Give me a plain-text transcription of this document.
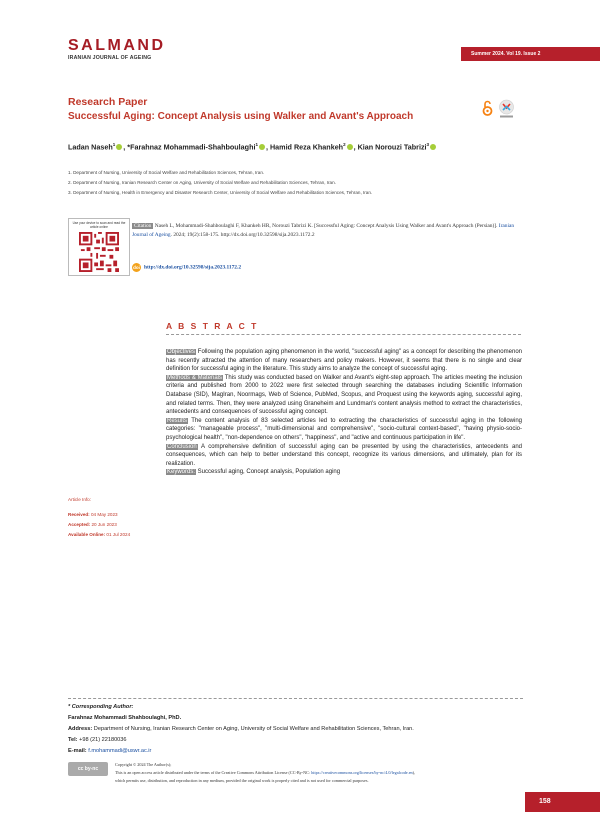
SALMAND
IRANIAN JOURNAL OF AGEING
Summer 2024. Vol 19. Issue 2
Research Paper
Successful Aging: Concept Analysis using Walker and Avant's Approach
Ladan Naseh$^1$ , *Farahnaz Mohammadi-Shahboulaghi$^1$ , Hamid Reza Khankeh$^2$ , Kian Norouzi Tabrizi$^3$
1. Department of Nursing, University of Social Welfare and Rehabilitation Sciences, Tehran, Iran.
2. Department of Nursing, Iranian Research Center on Aging, University of Social Welfare and Rehabilitation Sciences, Tehran, Iran.
3. Department of Nursing, Health in Emergency and Disaster Research Center, University of Social Welfare and Rehabilitation Sciences, Tehran, Iran.
Use your device to scan and read the article online	Citation Naseh L, Mohammadi-Shahboulaghi F, Khankeh HR, Norouzi Tabrizi K. [Successful Aging: Concept Analysis Using Walker and Avant's Approach (Persian)]. Iranian Journal of Ageing. 2024; 19(2):158-175. http://dx.doi.org/10.32598/sija.2023.1172.2
doi http://dx.doi.org/10.32598/sija.2023.1172.2
A B S T R A C T
Objectives Following the population aging phenomenon in the world, "successful aging" as a concept for describing the phenomenon has recently attracted the attention of many researchers and policy makers. However, it seems that there is no single and clear definition for successful aging in the literature. This study aims to analyze the concept of successful aging.
Methods & Materials This study was conducted based on Walker and Avant's eight-step approach. The articles meeting the inclusion criteria and published from 2000 to 2022 were first selected through searching the databases including Scientific Information Database (SID), MagIran, Noormags, Web of Science, PubMed, Scopus, and Proquest using the keywords aging, successful aging, and related terms. Then, they were analyzed using Graneheim and Lundman's content analysis method to extract the characteristics, antecedents and consequences of successful aging concept.
Results The content analysis of 83 selected articles led to extracting the characteristics of successful aging in the following categories: "manageable process", "multi-dimensional and comprehensive", "socio-cultural context-based", "having physio-socio-psychological health", "non-dependence on others", "happiness", and "active and continuous participation in life".
Conclusion A comprehensive definition of successful aging can be presented by using the characteristics, antecedents and consequences, which can help to better understand this concept, recognize its various dimensions, and ultimately, plan for its realization.
Keywords: Successful aging, Concept analysis, Population aging
Article Info:
Received: 04 May 2023
Accepted: 20 Jun 2023
Available Online: 01 Jul 2024
* Corresponding Author:
Farahnaz Mohammadi Shahboulaghi, PhD.
Address: Department of Nursing, Iranian Research Center on Aging, University of Social Welfare and Rehabilitation Sciences, Tehran, Iran.
Tel: +98 (21) 22180036
E-mail: f.mohammadi@uswr.ac.ir
cc by-nc
Copyright © 2024 The Author(s);
This is an open access article distributed under the terms of the Creative Commons Attribution License (CC-By-NC: https://creativecommons.org/licenses/by-nc/4.0/legalcode.en),
which permits use, distribution, and reproduction in any medium, provided the original work is properly cited and is not used for commercial purposes.
158
